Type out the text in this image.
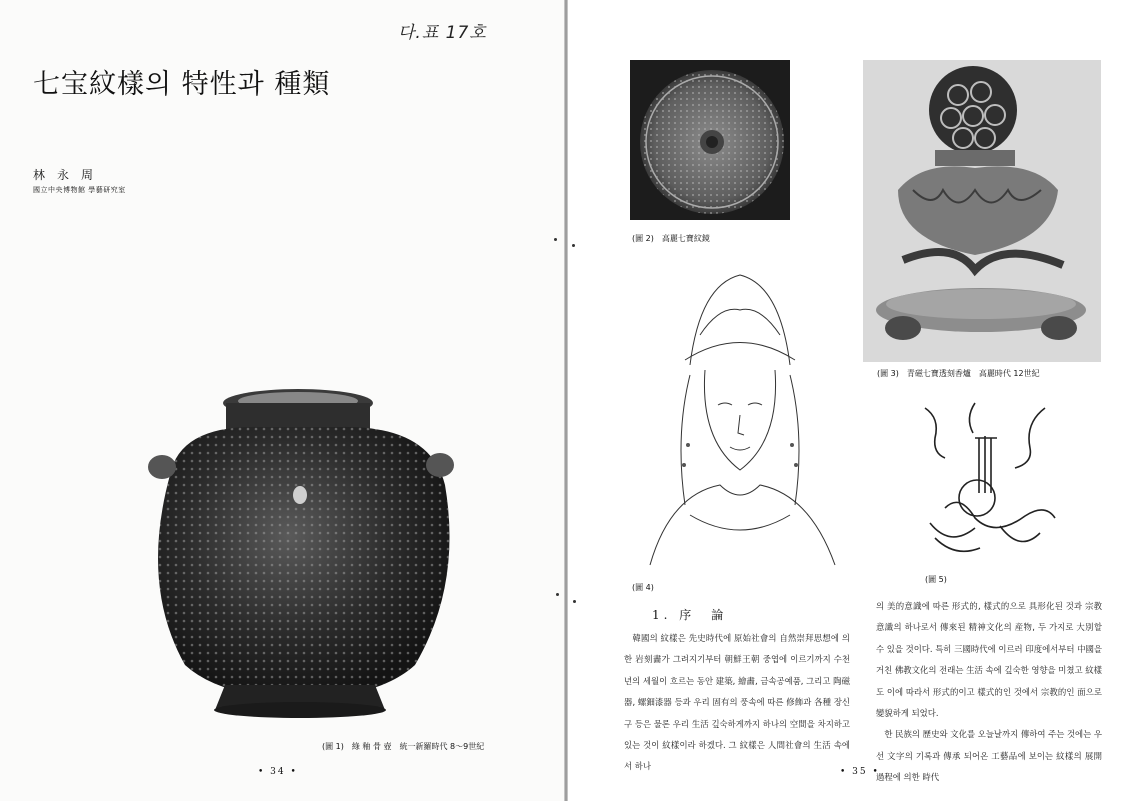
다.표 17호
七宝紋樣의 特性과 種類
林　永　周
國立中央博物館 學藝研究室
(圖 1)　綠 釉 骨 壺　統一新羅時代 8～9世紀
• 34 •
(圖 2)　高麗七寶紋鏡
(圖 3)　青磁七寶透刻香爐　高麗時代 12世紀
(圖 4)
(圖 5)
1. 序　論

韓國의 紋樣은 先史時代에 原始社會의 自然崇拜思想에 의한 岩刻畵가 그려지기부터 朝鮮王朝 중엽에 이르기까지 수천년의 세월이 흐르는 동안 建築, 繪畵, 금속공예품, 그리고 陶磁器, 螺鈿漆器 등과 우리 固有의 풍속에 따른 修飾과 各種 장신구 등은 물론 우리 生活 깊숙하게까지 하나의 空間을 차지하고 있는 것이 紋樣이라 하겠다. 그 紋樣은 人間社會의 生活 속에서 하나

의 美的意識에 따른 形式的, 樣式的으로 具形化된 것과 宗教意識의 하나로서 傳來된 精神文化의 産物, 두 가지로 大別할 수 있을 것이다. 특히 三國時代에 이르러 印度에서부터 中國을 거친 佛教文化의 전래는 生活 속에 깊숙한 영향을 미쳤고 紋樣도 이에 따라서 形式的이고 樣式的인 것에서 宗教的인 面으로 變貌하게 되었다.

한 民族의 歷史와 文化를 오늘날까지 傳하여 주는 것에는 우선 文字의 기록과 傳承 되어온 工藝品에 보이는 紋樣의 展開過程에 의한 時代

• 35 •
